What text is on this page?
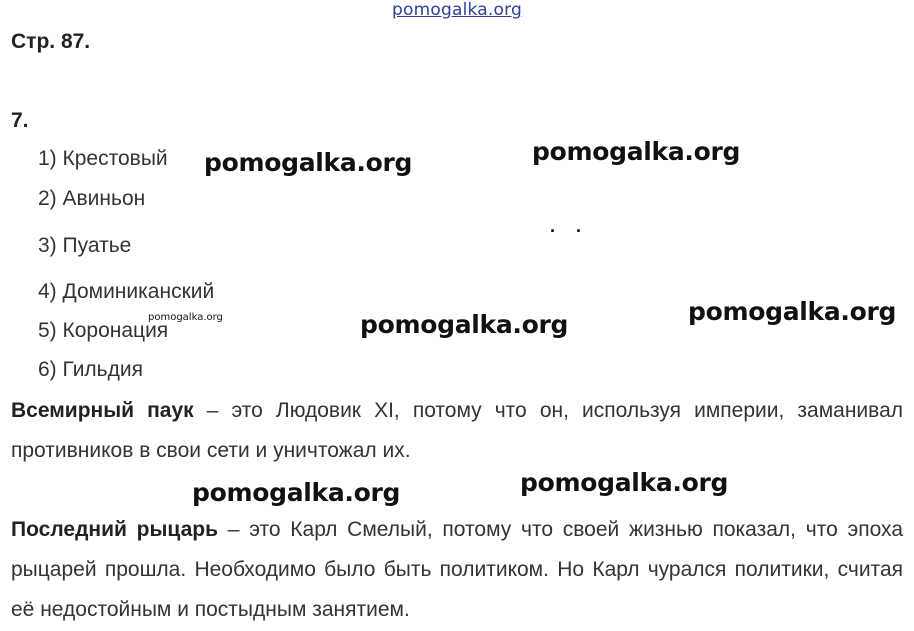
pomogalka.org
Стр. 87.
7.
1) Крестовый
2) Авиньон
3) Пуатье
4) Доминиканский
5) Коронация
6) Гильдия
pomogalka.org	pomogalka.org
. .
pomogalka.org
pomogalka.org
pomogalka.org
Всемирный паук – это Людовик XI, потому что он, используя империи, заманивал противников в свои сети и уничтожал их.
pomogalka.org	pomogalka.org
Последний рыцарь – это Карл Смелый, потому что своей жизнью показал, что эпоха рыцарей прошла. Необходимо было быть политиком. Но Карл чурался политики, считая её недостойным и постыдным занятием.
